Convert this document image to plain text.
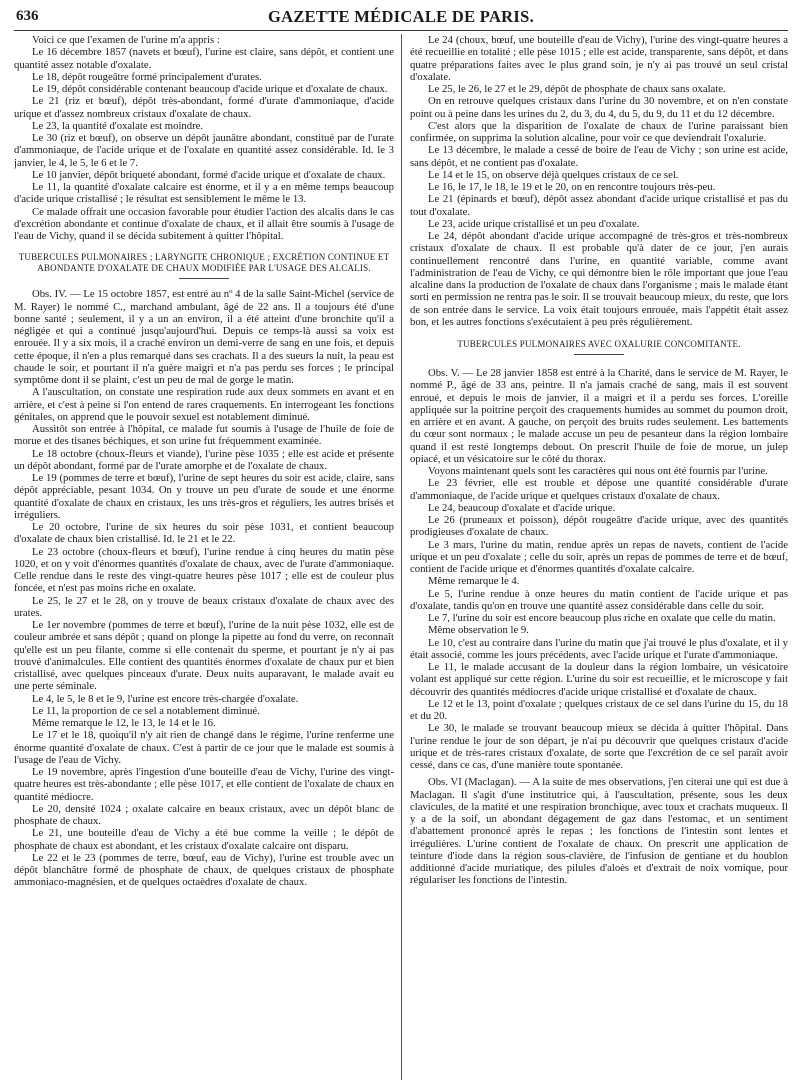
636	GAZETTE MÉDICALE DE PARIS.

Voici ce que l'examen de l'urine m'a appris :

Le 16 décembre 1857 (navets et bœuf), l'urine est claire, sans dépôt, et contient une quantité assez notable d'oxalate.

Le 18, dépôt rougeâtre formé principalement d'urates.

Le 19, dépôt considérable contenant beaucoup d'acide urique et d'oxalate de chaux.

Le 21 (riz et bœuf), dépôt très-abondant, formé d'urate d'ammoniaque, d'acide urique et d'assez nombreux cristaux d'oxalate de chaux.

Le 23, la quantité d'oxalate est moindre.

Le 30 (riz et bœuf), on observe un dépôt jaunâtre abondant, constitué par de l'urate d'ammoniaque, de l'acide urique et de l'oxalate en quantité assez considérable. Id. le 3 janvier, le 4, le 5, le 6 et le 7.

Le 10 janvier, dépôt briqueté abondant, formé d'acide urique et d'oxalate de chaux.

Le 11, la quantité d'oxalate calcaire est énorme, et il y a en même temps beaucoup d'acide urique cristallisé ; le résultat est sensiblement le même le 13.

Ce malade offrait une occasion favorable pour étudier l'action des alcalis dans le cas d'excrétion abondante et continue d'oxalate de chaux, et il allait être soumis à l'usage de l'eau de Vichy, quand il se décida subitement à quitter l'hôpital.

TUBERCULES PULMONAIRES ; LARYNGITE CHRONIQUE ; EXCRÉTION CONTINUE ET ABONDANTE D'OXALATE DE CHAUX MODIFIÉE PAR L'USAGE DES ALCALIS.

Obs. IV. — Le 15 octobre 1857, est entré au nº 4 de la salle Saint-Michel (service de M. Rayer) le nommé C., marchand ambulant, âgé de 22 ans. Il a toujours été d'une bonne santé ; seulement, il y a un an environ, il a été atteint d'une bronchite qu'il a négligée et qui a continué jusqu'aujourd'hui. Depuis ce temps-là aussi sa voix est enrouée. Il y a six mois, il a craché environ un demi-verre de sang en une fois, et depuis cette époque, il n'en a plus remarqué dans ses crachats. Il a des sueurs la nuit, la peau est chaude le soir, et pourtant il n'a guère maigri et n'a pas perdu ses forces ; le principal symptôme dont il se plaint, c'est un peu de mal de gorge le matin.

A l'auscultation, on constate une respiration rude aux deux sommets en avant et en arrière, et c'est à peine si l'on entend de rares craquements. En interrogeant les fonctions génitales, on apprend que le pouvoir sexuel est notablement diminué.

Aussitôt son entrée à l'hôpital, ce malade fut soumis à l'usage de l'huile de foie de morue et des tisanes béchiques, et son urine fut fréquemment examinée.

Le 18 octobre (choux-fleurs et viande), l'urine pèse 1035 ; elle est acide et présente un dépôt abondant, formé par de l'urate amorphe et de l'oxalate de chaux.

Le 19 (pommes de terre et bœuf), l'urine de sept heures du soir est acide, claire, sans dépôt appréciable, pesant 1034. On y trouve un peu d'urate de soude et une énorme quantité d'oxalate de chaux en cristaux, les uns très-gros et réguliers, les autres brisés et irréguliers.

Le 20 octobre, l'urine de six heures du soir pèse 1031, et contient beaucoup d'oxalate de chaux bien cristallisé. Id. le 21 et le 22.

Le 23 octobre (choux-fleurs et bœuf), l'urine rendue à cinq heures du matin pèse 1020, et on y voit d'énormes quantités d'oxalate de chaux, avec de l'urate d'ammoniaque. Celle rendue dans le reste des vingt-quatre heures pèse 1017 ; elle est de couleur plus foncée, et n'est pas moins riche en oxalate.

Le 25, le 27 et le 28, on y trouve de beaux cristaux d'oxalate de chaux avec des urates.

Le 1er novembre (pommes de terre et bœuf), l'urine de la nuit pèse 1032, elle est de couleur ambrée et sans dépôt ; quand on plonge la pipette au fond du verre, on reconnaît qu'elle est un peu filante, comme si elle contenait du sperme, et pourtant je n'y ai pas trouvé d'animalcules. Elle contient des quantités énormes d'oxalate de chaux pur et bien cristallisé, avec quelques pinceaux d'urate. Deux nuits auparavant, le malade avait eu une perte séminale.

Le 4, le 5, le 8 et le 9, l'urine est encore très-chargée d'oxalate.

Le 11, la proportion de ce sel a notablement diminué.

Même remarque le 12, le 13, le 14 et le 16.

Le 17 et le 18, quoiqu'il n'y ait rien de changé dans le régime, l'urine renferme une énorme quantité d'oxalate de chaux. C'est à partir de ce jour que le malade est soumis à l'usage de l'eau de Vichy.

Le 19 novembre, après l'ingestion d'une bouteille d'eau de Vichy, l'urine des vingt-quatre heures est très-abondante ; elle pèse 1017, et elle contient de l'oxalate de chaux en quantité médiocre.

Le 20, densité 1024 ; oxalate calcaire en beaux cristaux, avec un dépôt blanc de phosphate de chaux.

Le 21, une bouteille d'eau de Vichy a été bue comme la veille ; le dépôt de phosphate de chaux est abondant, et les cristaux d'oxalate calcaire ont disparu.

Le 22 et le 23 (pommes de terre, bœuf, eau de Vichy), l'urine est trouble avec un dépôt blanchâtre formé de phosphate de chaux, de quelques cristaux de phosphate ammoniaco-magnésien, et de quelques octaèdres d'oxalate de chaux.

Le 24 (choux, bœuf, une bouteille d'eau de Vichy), l'urine des vingt-quatre heures a été recueillie en totalité ; elle pèse 1015 ; elle est acide, transparente, sans dépôt, et dans quatre préparations faites avec le plus grand soin, je n'y ai pas trouvé un seul cristal d'oxalate.

Le 25, le 26, le 27 et le 29, dépôt de phosphate de chaux sans oxalate.

On en retrouve quelques cristaux dans l'urine du 30 novembre, et on n'en constate point ou à peine dans les urines du 2, du 3, du 4, du 5, du 9, du 11 et du 12 décembre.

C'est alors que la disparition de l'oxalate de chaux de l'urine paraissant bien confirmée, on supprima la solution alcaline, pour voir ce que deviendrait l'oxalurie.

Le 13 décembre, le malade a cessé de boire de l'eau de Vichy ; son urine est acide, sans dépôt, et ne contient pas d'oxalate.

Le 14 et le 15, on observe déjà quelques cristaux de ce sel.

Le 16, le 17, le 18, le 19 et le 20, on en rencontre toujours très-peu.

Le 21 (épinards et bœuf), dépôt assez abondant d'acide urique cristallisé et pas du tout d'oxalate.

Le 23, acide urique cristallisé et un peu d'oxalate.

Le 24, dépôt abondant d'acide urique accompagné de très-gros et très-nombreux cristaux d'oxalate de chaux. Il est probable qu'à dater de ce jour, j'en aurais continuellement rencontré dans l'urine, en quantité variable, comme avant l'administration de l'eau de Vichy, ce qui démontre bien le rôle important que joue l'eau alcaline dans la production de l'oxalate de chaux dans l'organisme ; mais le malade étant sorti en permission ne rentra pas le soir. Il se trouvait beaucoup mieux, du reste, que lors de son entrée dans le service. La voix était toujours enrouée, mais l'appétit était assez bon, et les autres fonctions s'exécutaient à peu près régulièrement.

TUBERCULES PULMONAIRES AVEC OXALURIE CONCOMITANTE.

Obs. V. — Le 28 janvier 1858 est entré à la Charité, dans le service de M. Rayer, le nommé P., âgé de 33 ans, peintre. Il n'a jamais craché de sang, mais il est souvent enroué, et depuis le mois de janvier, il a maigri et il a perdu ses forces. L'oreille appliquée sur la poitrine perçoit des craquements humides au sommet du poumon droit, en arrière et en avant. A gauche, on perçoit des bruits rudes seulement. Les battements du cœur sont normaux ; le malade accuse un peu de pesanteur dans la région lombaire quand il est resté longtemps debout. On prescrit l'huile de foie de morue, un julep opiacé, et un vésicatoire sur le côté du thorax.

Voyons maintenant quels sont les caractères qui nous ont été fournis par l'urine.

Le 23 février, elle est trouble et dépose une quantité considérable d'urate d'ammoniaque, de l'acide urique et quelques cristaux d'oxalate de chaux.

Le 24, beaucoup d'oxalate et d'acide urique.

Le 26 (pruneaux et poisson), dépôt rougeâtre d'acide urique, avec des quantités prodigieuses d'oxalate de chaux.

Le 3 mars, l'urine du matin, rendue après un repas de navets, contient de l'acide urique et un peu d'oxalate ; celle du soir, après un repas de pommes de terre et de bœuf, contient de l'acide urique et d'énormes quantités d'oxalate calcaire.

Même remarque le 4.

Le 5, l'urine rendue à onze heures du matin contient de l'acide urique et pas d'oxalate, tandis qu'on en trouve une quantité assez considérable dans celle du soir.

Le 7, l'urine du soir est encore beaucoup plus riche en oxalate que celle du matin.

Même observation le 9.

Le 10, c'est au contraire dans l'urine du matin que j'ai trouvé le plus d'oxalate, et il y était associé, comme les jours précédents, avec l'acide urique et l'urate d'ammoniaque.

Le 11, le malade accusant de la douleur dans la région lombaire, un vésicatoire volant est appliqué sur cette région. L'urine du soir est recueillie, et le microscope y fait découvrir des quantités médiocres d'acide urique cristallisé et d'oxalate de chaux.

Le 12 et le 13, point d'oxalate ; quelques cristaux de ce sel dans l'urine du 15, du 18 et du 20.

Le 30, le malade se trouvant beaucoup mieux se décida à quitter l'hôpital. Dans l'urine rendue le jour de son départ, je n'ai pu découvrir que quelques cristaux d'acide urique et de très-rares cristaux d'oxalate, de sorte que l'excrétion de ce sel paraît avoir cessé, dans ce cas, d'une manière toute spontanée.

Obs. VI (Maclagan). — A la suite de mes observations, j'en citerai une qui est due à Maclagan. Il s'agit d'une institutrice qui, à l'auscultation, présente, sous les deux clavicules, de la matité et une respiration bronchique, avec toux et crachats muqueux. Il y a de la soif, un abondant dégagement de gaz dans l'estomac, et un sentiment d'abattement prononcé après le repas ; les fonctions de l'intestin sont lentes et irrégulières. L'urine contient de l'oxalate de chaux. On prescrit une application de teinture d'iode dans la région sous-clavière, de l'infusion de gentiane et du houblon additionné d'acide muriatique, des pilules d'aloès et d'extrait de noix vomique, pour régulariser les fonctions de l'intestin.
